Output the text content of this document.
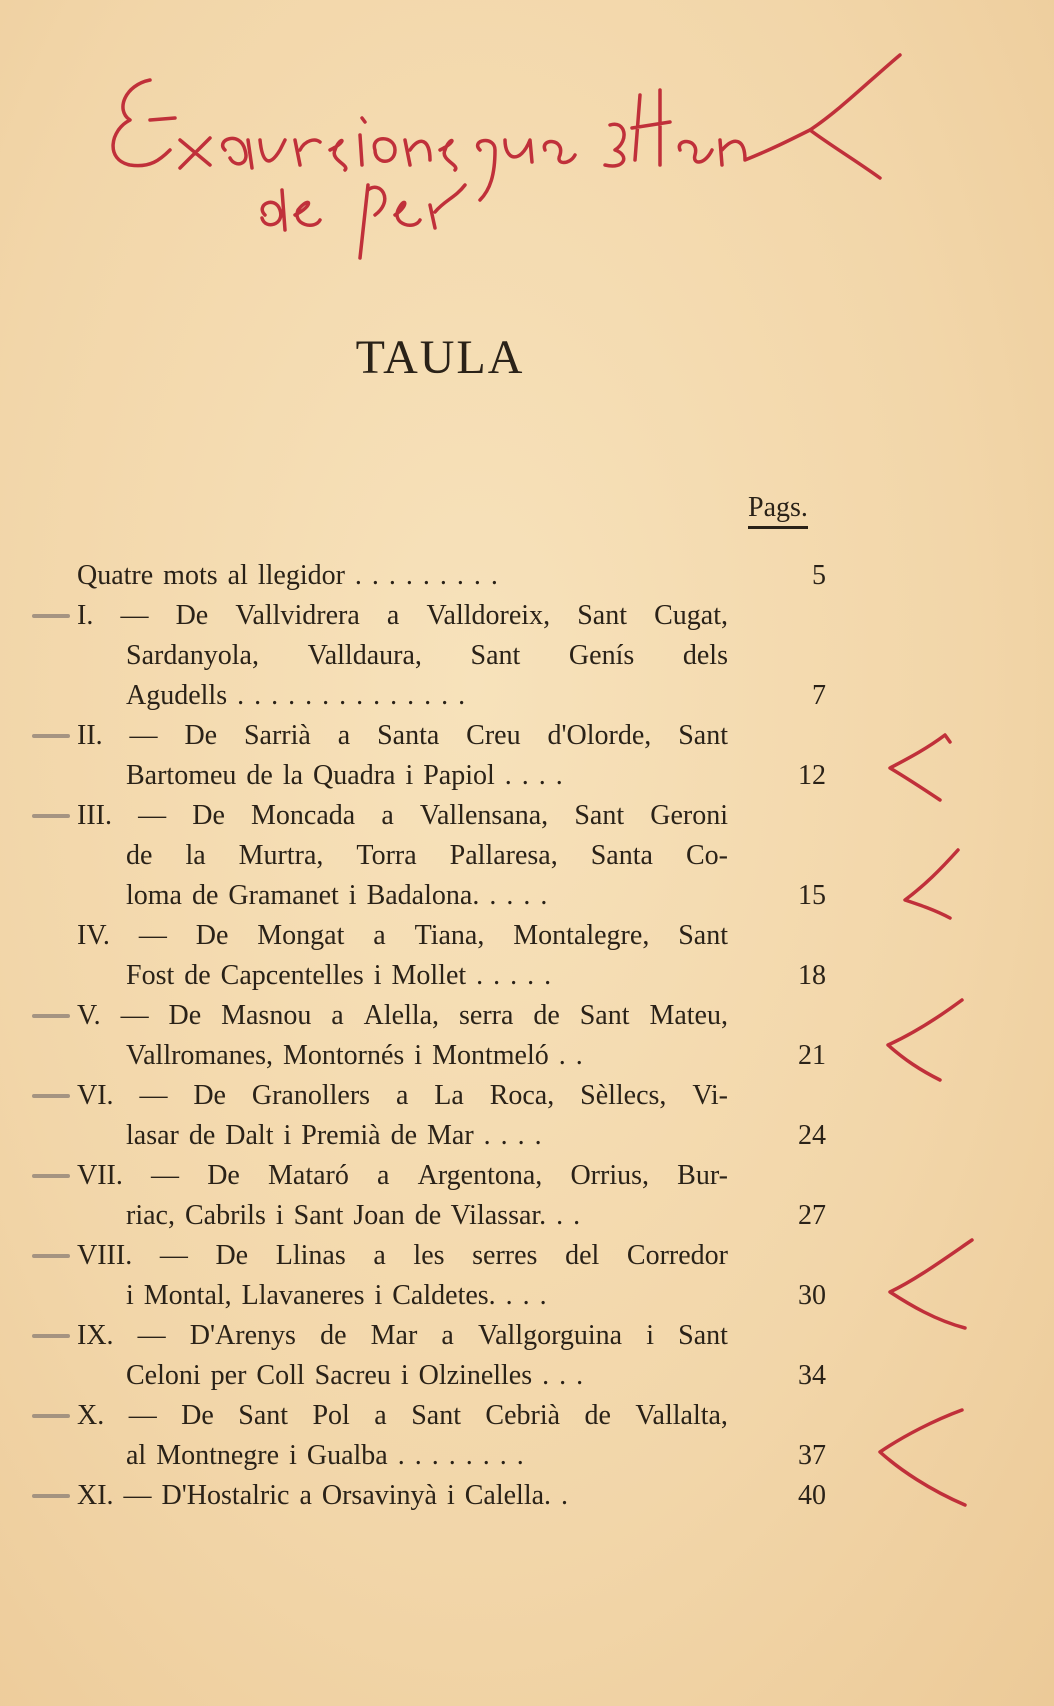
TAULA
Pags.
Quatre mots al llegidor . . . . . . . . .	5
I. — De Vallvidrera a Valldoreix, Sant Cugat,
Sardanyola, Valldaura, Sant Genís dels
Agudells . . . . . . . . . . . . . .	7
II. — De Sarrià a Santa Creu d'Olorde, Sant
Bartomeu de la Quadra i Papiol . . . .	12
III. — De Moncada a Vallensana, Sant Geroni
de la Murtra, Torra Pallaresa, Santa Co-
loma de Gramanet i Badalona. . . . .	15
IV. — De Mongat a Tiana, Montalegre, Sant
Fost de Capcentelles i Mollet . . . . .	18
V. — De Masnou a Alella, serra de Sant Mateu,
Vallromanes, Montornés i Montmeló . .	21
VI. — De Granollers a La Roca, Sèllecs, Vi-
lasar de Dalt i Premià de Mar . . . .	24
VII. — De Mataró a Argentona, Orrius, Bur-
riac, Cabrils i Sant Joan de Vilassar. . .	27
VIII. — De Llinas a les serres del Corredor
i Montal, Llavaneres i Caldetes. . . .	30
IX. — D'Arenys de Mar a Vallgorguina i Sant
Celoni per Coll Sacreu i Olzinelles . . .	34
X. — De Sant Pol a Sant Cebrià de Vallalta,
al Montnegre i Gualba . . . . . . . .	37
XI. — D'Hostalric a Orsavinyà i Calella. .	40
